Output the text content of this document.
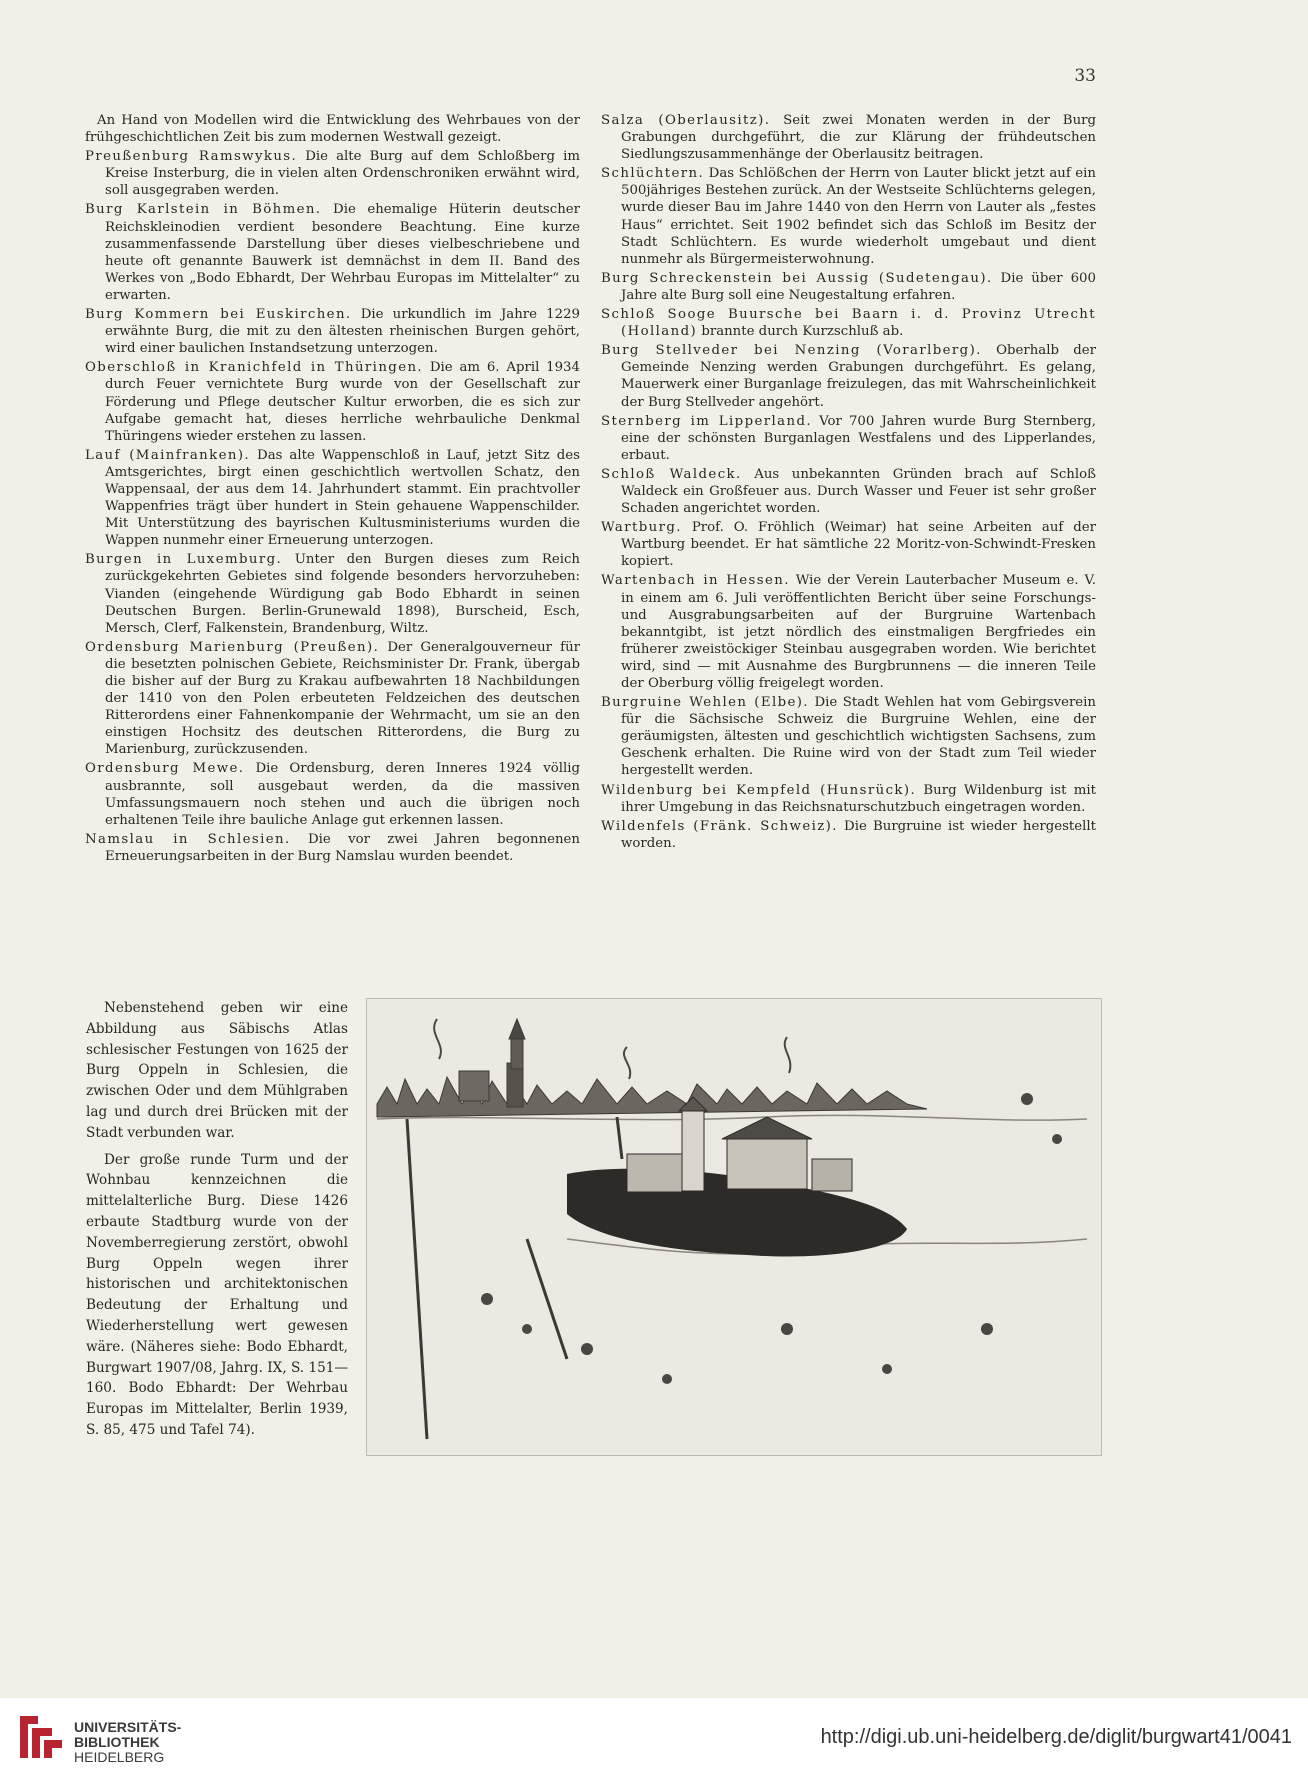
33

An Hand von Modellen wird die Entwicklung des Wehrbaues von der frühgeschichtlichen Zeit bis zum modernen Westwall gezeigt.

Preußenburg Ramswykus. Die alte Burg auf dem Schloßberg im Kreise Insterburg, die in vielen alten Ordenschroniken erwähnt wird, soll ausgegraben werden.

Burg Karlstein in Böhmen. Die ehemalige Hüterin deutscher Reichskleinodien verdient besondere Beachtung. Eine kurze zusammenfassende Darstellung über dieses vielbeschriebene und heute oft genannte Bauwerk ist demnächst in dem II. Band des Werkes von „Bodo Ebhardt, Der Wehrbau Europas im Mittelalter“ zu erwarten.

Burg Kommern bei Euskirchen. Die urkundlich im Jahre 1229 erwähnte Burg, die mit zu den ältesten rheinischen Burgen gehört, wird einer baulichen Instandsetzung unterzogen.

Oberschloß in Kranichfeld in Thüringen. Die am 6. April 1934 durch Feuer vernichtete Burg wurde von der Gesellschaft zur Förderung und Pflege deutscher Kultur erworben, die es sich zur Aufgabe gemacht hat, dieses herrliche wehrbauliche Denkmal Thüringens wieder erstehen zu lassen.

Lauf (Mainfranken). Das alte Wappenschloß in Lauf, jetzt Sitz des Amtsgerichtes, birgt einen geschichtlich wertvollen Schatz, den Wappensaal, der aus dem 14. Jahrhundert stammt. Ein prachtvoller Wappenfries trägt über hundert in Stein gehauene Wappenschilder. Mit Unterstützung des bayrischen Kultusministeriums wurden die Wappen nunmehr einer Erneuerung unterzogen.

Burgen in Luxemburg. Unter den Burgen dieses zum Reich zurückgekehrten Gebietes sind folgende besonders hervorzuheben: Vianden (eingehende Würdigung gab Bodo Ebhardt in seinen Deutschen Burgen. Berlin-Grunewald 1898), Burscheid, Esch, Mersch, Clerf, Falkenstein, Brandenburg, Wiltz.

Ordensburg Marienburg (Preußen). Der Generalgouverneur für die besetzten polnischen Gebiete, Reichsminister Dr. Frank, übergab die bisher auf der Burg zu Krakau aufbewahrten 18 Nachbildungen der 1410 von den Polen erbeuteten Feldzeichen des deutschen Ritterordens einer Fahnenkompanie der Wehrmacht, um sie an den einstigen Hochsitz des deutschen Ritterordens, die Burg zu Marienburg, zurückzusenden.

Ordensburg Mewe. Die Ordensburg, deren Inneres 1924 völlig ausbrannte, soll ausgebaut werden, da die massiven Umfassungsmauern noch stehen und auch die übrigen noch erhaltenen Teile ihre bauliche Anlage gut erkennen lassen.

Namslau in Schlesien. Die vor zwei Jahren begonnenen Erneuerungsarbeiten in der Burg Namslau wurden beendet.

Salza (Oberlausitz). Seit zwei Monaten werden in der Burg Grabungen durchgeführt, die zur Klärung der frühdeutschen Siedlungszusammenhänge der Oberlausitz beitragen.

Schlüchtern. Das Schlößchen der Herrn von Lauter blickt jetzt auf ein 500jähriges Bestehen zurück. An der Westseite Schlüchterns gelegen, wurde dieser Bau im Jahre 1440 von den Herrn von Lauter als „festes Haus“ errichtet. Seit 1902 befindet sich das Schloß im Besitz der Stadt Schlüchtern. Es wurde wiederholt umgebaut und dient nunmehr als Bürgermeisterwohnung.

Burg Schreckenstein bei Aussig (Sudetengau). Die über 600 Jahre alte Burg soll eine Neugestaltung erfahren.

Schloß Sooge Buursche bei Baarn i. d. Provinz Utrecht (Holland) brannte durch Kurzschluß ab.

Burg Stellveder bei Nenzing (Vorarlberg). Oberhalb der Gemeinde Nenzing werden Grabungen durchgeführt. Es gelang, Mauerwerk einer Burganlage freizulegen, das mit Wahrscheinlichkeit der Burg Stellveder angehört.

Sternberg im Lipperland. Vor 700 Jahren wurde Burg Sternberg, eine der schönsten Burganlagen Westfalens und des Lipperlandes, erbaut.

Schloß Waldeck. Aus unbekannten Gründen brach auf Schloß Waldeck ein Großfeuer aus. Durch Wasser und Feuer ist sehr großer Schaden angerichtet worden.

Wartburg. Prof. O. Fröhlich (Weimar) hat seine Arbeiten auf der Wartburg beendet. Er hat sämtliche 22 Moritz-von-Schwindt-Fresken kopiert.

Wartenbach in Hessen. Wie der Verein Lauterbacher Museum e. V. in einem am 6. Juli veröffentlichten Bericht über seine Forschungs- und Ausgrabungsarbeiten auf der Burgruine Wartenbach bekanntgibt, ist jetzt nördlich des einstmaligen Bergfriedes ein früherer zweistöckiger Steinbau ausgegraben worden. Wie berichtet wird, sind — mit Ausnahme des Burgbrunnens — die inneren Teile der Oberburg völlig freigelegt worden.

Burgruine Wehlen (Elbe). Die Stadt Wehlen hat vom Gebirgsverein für die Sächsische Schweiz die Burgruine Wehlen, eine der geräumigsten, ältesten und geschichtlich wichtigsten Sachsens, zum Geschenk erhalten. Die Ruine wird von der Stadt zum Teil wieder hergestellt werden.

Wildenburg bei Kempfeld (Hunsrück). Burg Wildenburg ist mit ihrer Umgebung in das Reichsnaturschutzbuch eingetragen worden.

Wildenfels (Fränk. Schweiz). Die Burgruine ist wieder hergestellt worden.

Nebenstehend geben wir eine Abbildung aus Säbischs Atlas schlesischer Festungen von 1625 der Burg Oppeln in Schlesien, die zwischen Oder und dem Mühlgraben lag und durch drei Brücken mit der Stadt verbunden war.

Der große runde Turm und der Wohnbau kennzeichnen die mittelalterliche Burg. Diese 1426 erbaute Stadtburg wurde von der Novemberregierung zerstört, obwohl Burg Oppeln wegen ihrer historischen und architektonischen Bedeutung der Erhaltung und Wiederherstellung wert gewesen wäre. (Näheres siehe: Bodo Ebhardt, Burgwart 1907/08, Jahrg. IX, S. 151—160. Bodo Ebhardt: Der Wehrbau Europas im Mittelalter, Berlin 1939, S. 85, 475 und Tafel 74).

UNIVERSITÄTS-
BIBLIOTHEK
HEIDELBERG
http://digi.ub.uni-heidelberg.de/diglit/burgwart41/0041
